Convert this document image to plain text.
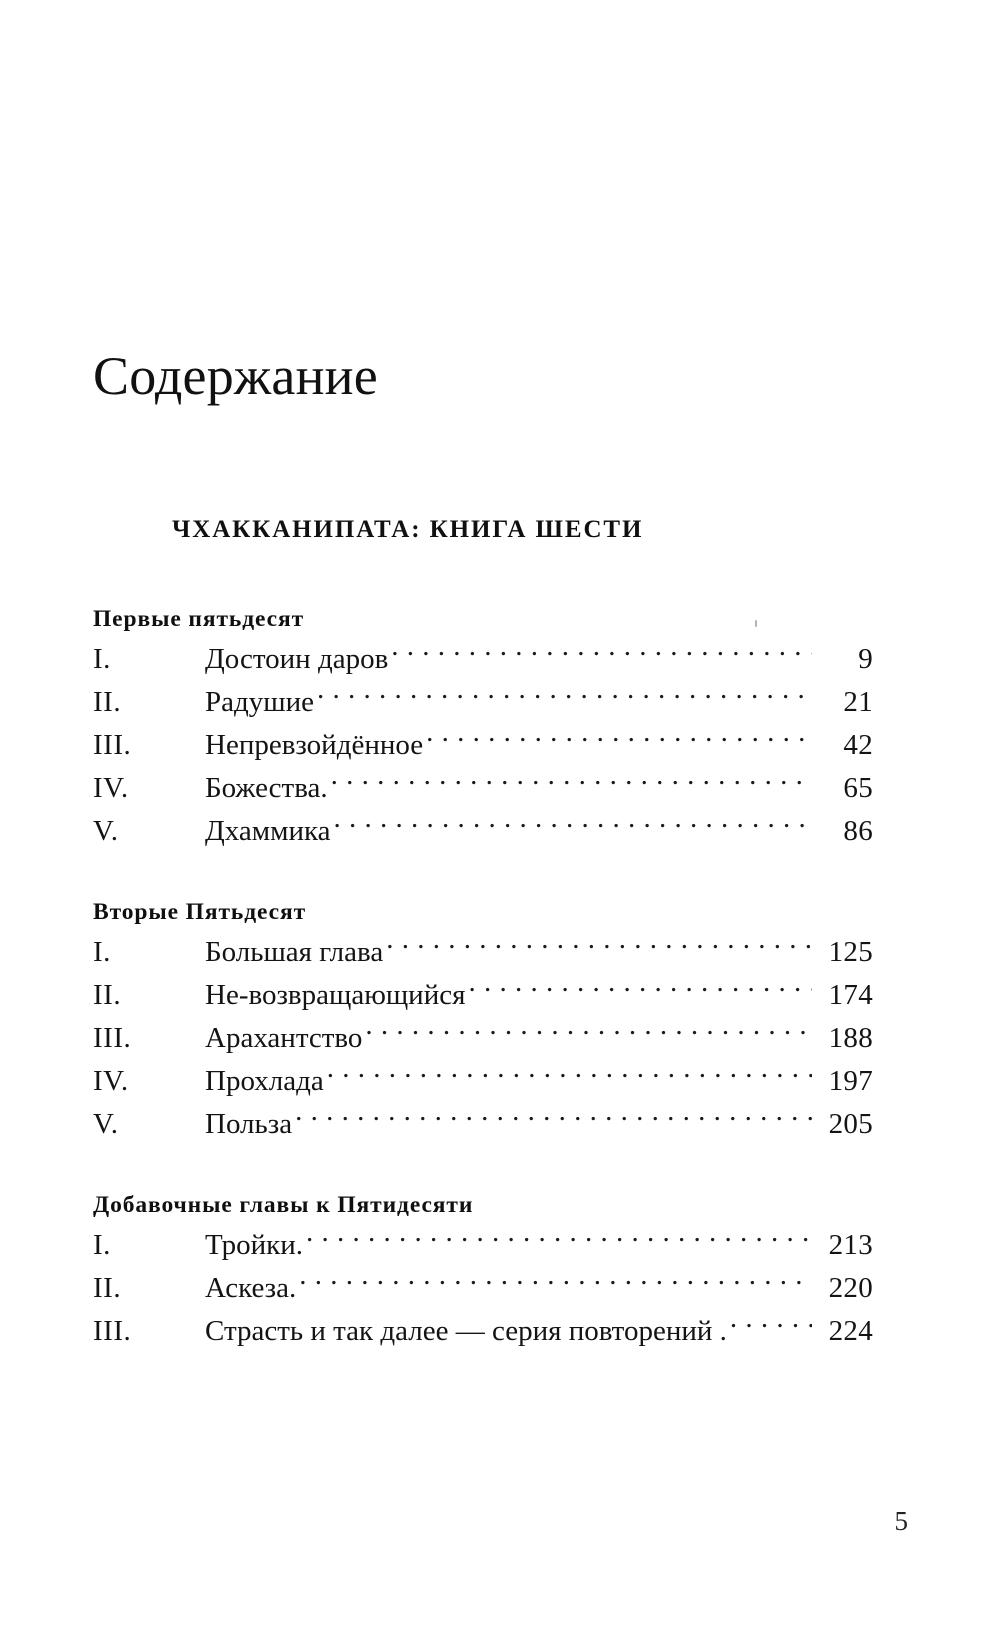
Содержание
ЧХАККАНИПАТА: КНИГА ШЕСТИ
Первые пятьдесят
I.	Достоин даров . . .	9
II.	Радушие . . .	21
III.	Непревзойдённое . . .	42
IV.	Божества. . . .	65
V.	Дхаммика . . .	86
Вторые Пятьдесят
I.	Большая глава . . .	125
II.	Не-возвращающийся . . .	174
III.	Арахантство . . .	188
IV.	Прохлада . . .	197
V.	Польза . . .	205
Добавочные главы к Пятидесяти
I.	Тройки. . . .	213
II.	Аскеза. . . .	220
III.	Страсть и так далее — серия повторений . . . .	224
5
